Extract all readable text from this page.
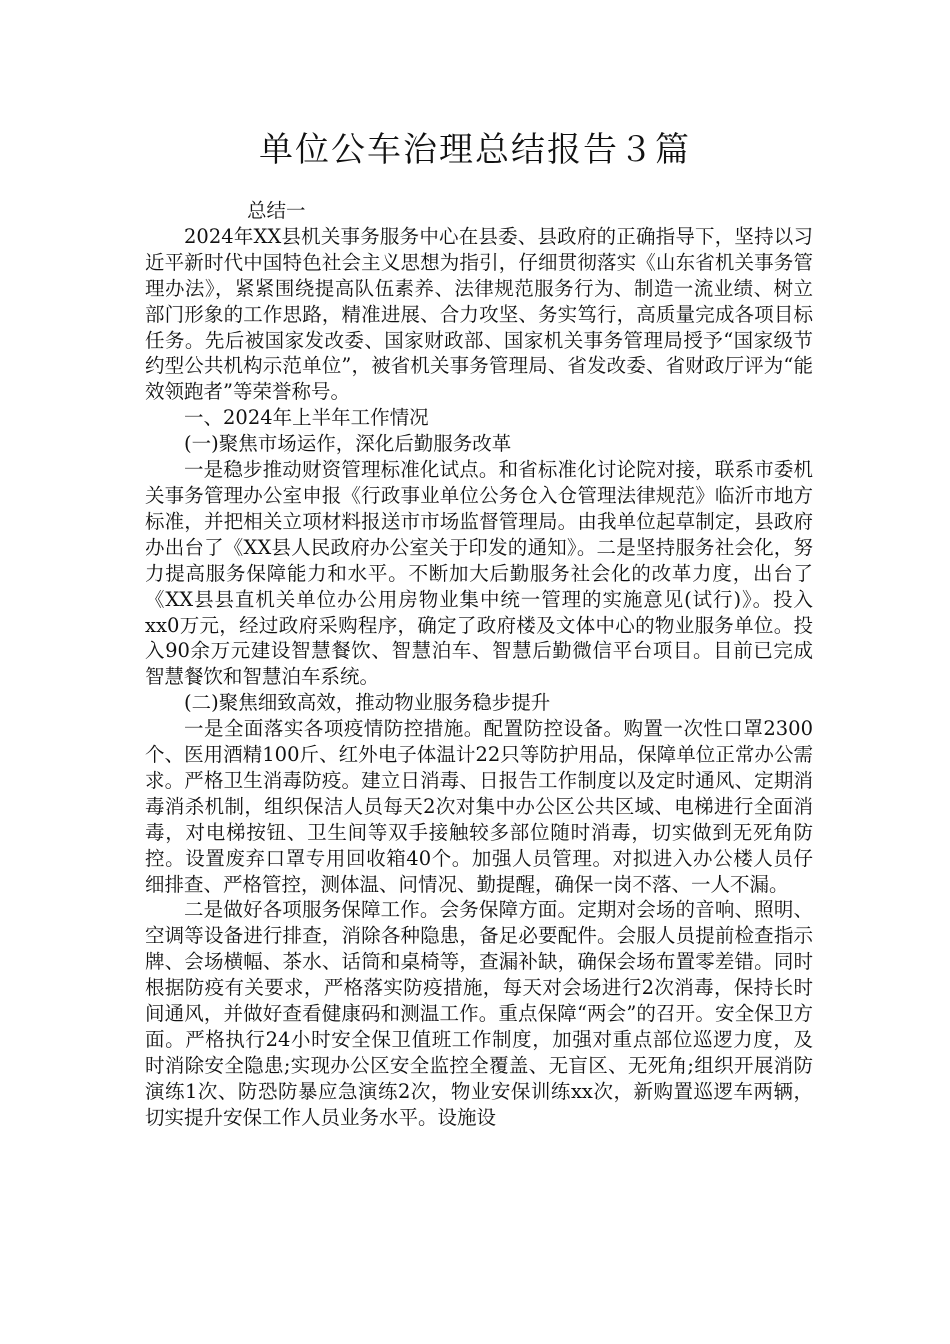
单位公车治理总结报告３篇

总结一

2024年XX县机关事务服务中心在县委、县政府的正确指导下，坚持以习近平新时代中国特色社会主义思想为指引，仔细贯彻落实《山东省机关事务管理办法》，紧紧围绕提高队伍素养、法律规范服务行为、制造一流业绩、树立部门形象的工作思路，精准进展、合力攻坚、务实笃行，高质量完成各项目标任务。先后被国家发改委、国家财政部、国家机关事务管理局授予“国家级节约型公共机构示范单位”，被省机关事务管理局、省发改委、省财政厅评为“能效领跑者”等荣誉称号。

一、2024年上半年工作情况

(一)聚焦市场运作，深化后勤服务改革

一是稳步推动财资管理标准化试点。和省标准化讨论院对接，联系市委机关事务管理办公室申报《行政事业单位公务仓入仓管理法律规范》临沂市地方标准，并把相关立项材料报送市市场监督管理局。由我单位起草制定，县政府办出台了《XX县人民政府办公室关于印发的通知》。二是坚持服务社会化，努力提高服务保障能力和水平。不断加大后勤服务社会化的改革力度，出台了《XX县县直机关单位办公用房物业集中统一管理的实施意见(试行)》。投入xx0万元，经过政府采购程序，确定了政府楼及文体中心的物业服务单位。投入90余万元建设智慧餐饮、智慧泊车、智慧后勤微信平台项目。目前已完成智慧餐饮和智慧泊车系统。

(二)聚焦细致高效，推动物业服务稳步提升

一是全面落实各项疫情防控措施。配置防控设备。购置一次性口罩2300个、医用酒精100斤、红外电子体温计22只等防护用品，保障单位正常办公需求。严格卫生消毒防疫。建立日消毒、日报告工作制度以及定时通风、定期消毒消杀机制，组织保洁人员每天2次对集中办公区公共区域、电梯进行全面消毒，对电梯按钮、卫生间等双手接触较多部位随时消毒，切实做到无死角防控。设置废弃口罩专用回收箱40个。加强人员管理。对拟进入办公楼人员仔细排查、严格管控，测体温、问情况、勤提醒，确保一岗不落、一人不漏。

二是做好各项服务保障工作。会务保障方面。定期对会场的音响、照明、空调等设备进行排查，消除各种隐患，备足必要配件。会服人员提前检查指示牌、会场横幅、茶水、话筒和桌椅等，查漏补缺，确保会场布置零差错。同时根据防疫有关要求，严格落实防疫措施，每天对会场进行2次消毒，保持长时间通风，并做好查看健康码和测温工作。重点保障“两会”的召开。安全保卫方面。严格执行24小时安全保卫值班工作制度，加强对重点部位巡逻力度，及时消除安全隐患;实现办公区安全监控全覆盖、无盲区、无死角;组织开展消防演练1次、防恐防暴应急演练2次，物业安保训练xx次，新购置巡逻车两辆，切实提升安保工作人员业务水平。设施设
